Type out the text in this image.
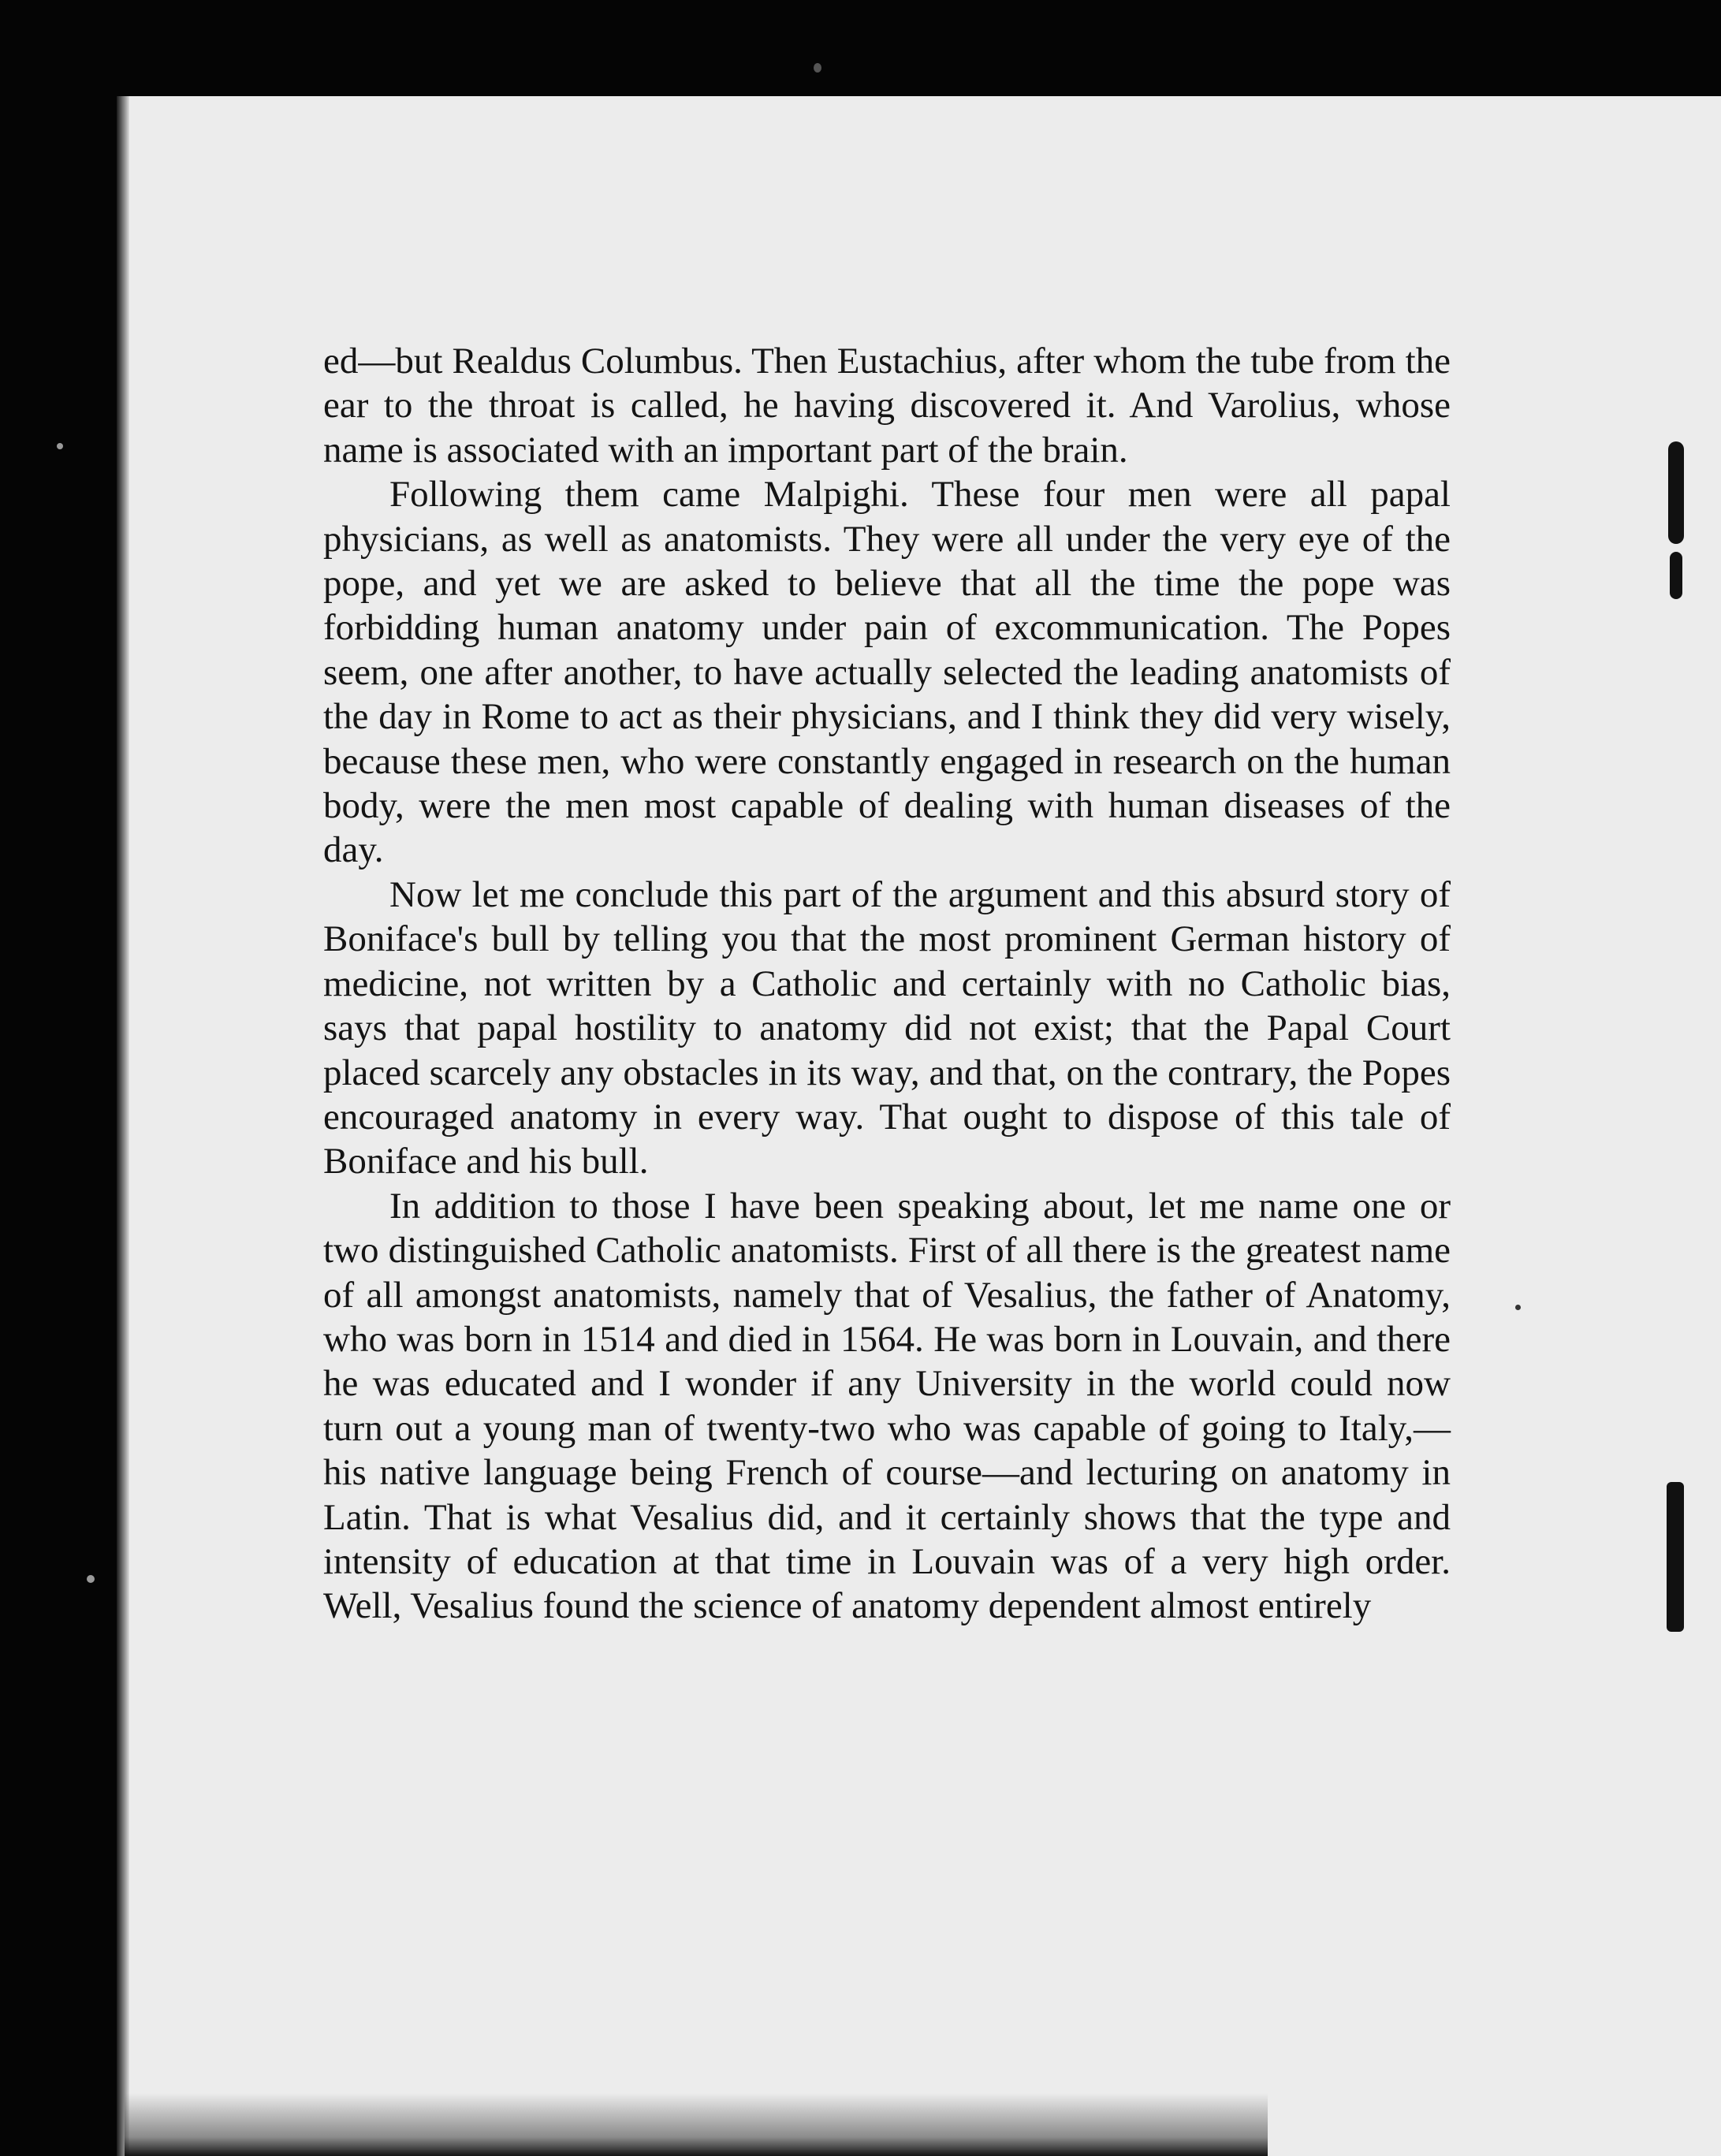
ed—but Realdus Columbus. Then Eustachius, after whom the tube from the ear to the throat is called, he having discovered it. And Varolius, whose name is associated with an important part of the brain.

Following them came Malpighi. These four men were all papal physicians, as well as anatomists. They were all under the very eye of the pope, and yet we are asked to believe that all the time the pope was forbidding human anatomy under pain of excommunication. The Popes seem, one after another, to have actually selected the leading anatomists of the day in Rome to act as their physicians, and I think they did very wisely, because these men, who were constantly engaged in research on the human body, were the men most capable of dealing with human diseases of the day.

Now let me conclude this part of the argument and this absurd story of Boniface's bull by telling you that the most prominent German history of medicine, not written by a Catholic and certainly with no Catholic bias, says that papal hostility to anatomy did not exist; that the Papal Court placed scarcely any obstacles in its way, and that, on the contrary, the Popes encouraged anatomy in every way. That ought to dispose of this tale of Boniface and his bull.

In addition to those I have been speaking about, let me name one or two distinguished Catholic anatomists. First of all there is the greatest name of all amongst anatomists, namely that of Vesalius, the father of Anatomy, who was born in 1514 and died in 1564. He was born in Louvain, and there he was educated and I wonder if any University in the world could now turn out a young man of twenty-two who was capable of going to Italy,—his native language being French of course—and lecturing on anatomy in Latin. That is what Vesalius did, and it certainly shows that the type and intensity of education at that time in Louvain was of a very high order. Well, Vesalius found the science of anatomy dependent almost entirely
